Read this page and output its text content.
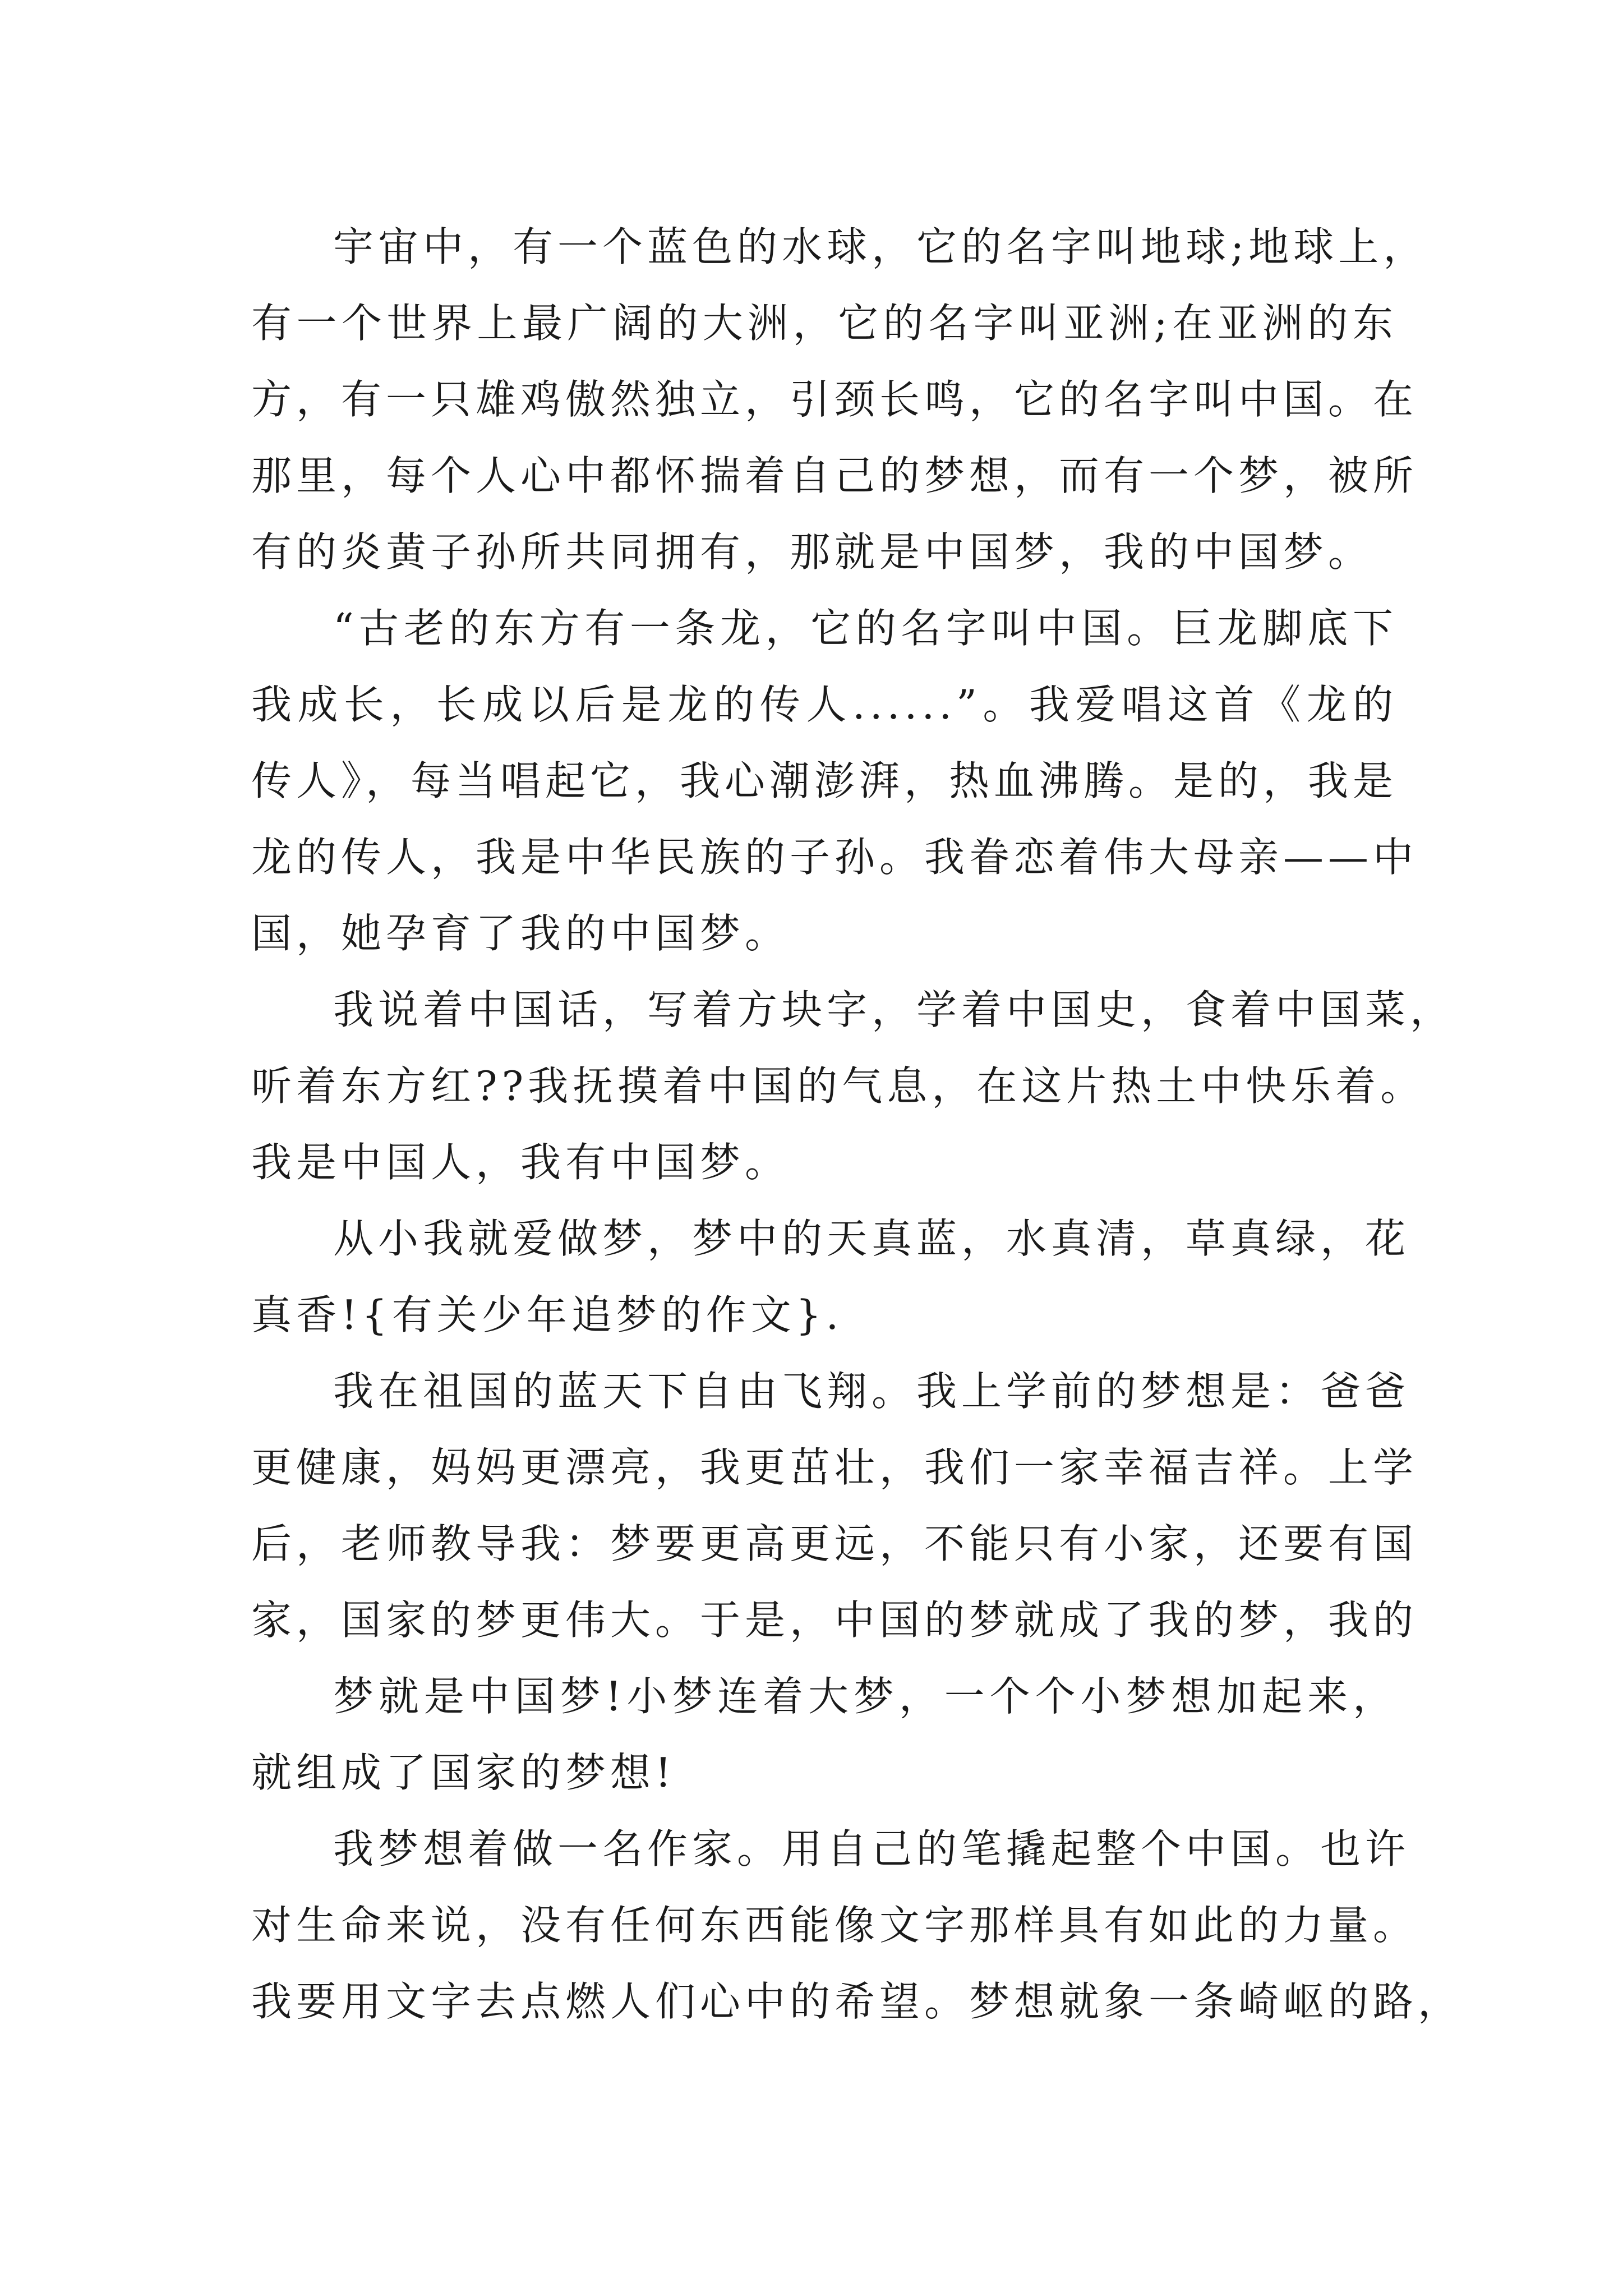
宇宙中，有一个蓝色的水球，它的名字叫地球;地球上，
有一个世界上最广阔的大洲，它的名字叫亚洲;在亚洲的东
方，有一只雄鸡傲然独立，引颈长鸣，它的名字叫中国。在
那里，每个人心中都怀揣着自己的梦想，而有一个梦，被所
有的炎黄子孙所共同拥有，那就是中国梦，我的中国梦。
“古老的东方有一条龙，它的名字叫中国。巨龙脚底下
我成长，长成以后是龙的传人......”。我爱唱这首《龙的
传人》，每当唱起它，我心潮澎湃，热血沸腾。是的，我是
龙的传人，我是中华民族的子孙。我眷恋着伟大母亲——中
国，她孕育了我的中国梦。
我说着中国话，写着方块字，学着中国史，食着中国菜，
听着东方红??我抚摸着中国的气息，在这片热土中快乐着。
我是中国人，我有中国梦。
从小我就爱做梦，梦中的天真蓝，水真清，草真绿，花
真香!{有关少年追梦的作文}.
我在祖国的蓝天下自由飞翔。我上学前的梦想是：爸爸
更健康，妈妈更漂亮，我更茁壮，我们一家幸福吉祥。上学
后，老师教导我：梦要更高更远，不能只有小家，还要有国
家，国家的梦更伟大。于是，中国的梦就成了我的梦，我的
梦就是中国梦!小梦连着大梦，一个个小梦想加起来，
就组成了国家的梦想!
我梦想着做一名作家。用自己的笔撬起整个中国。也许
对生命来说，没有任何东西能像文字那样具有如此的力量。
我要用文字去点燃人们心中的希望。梦想就象一条崎岖的路，
